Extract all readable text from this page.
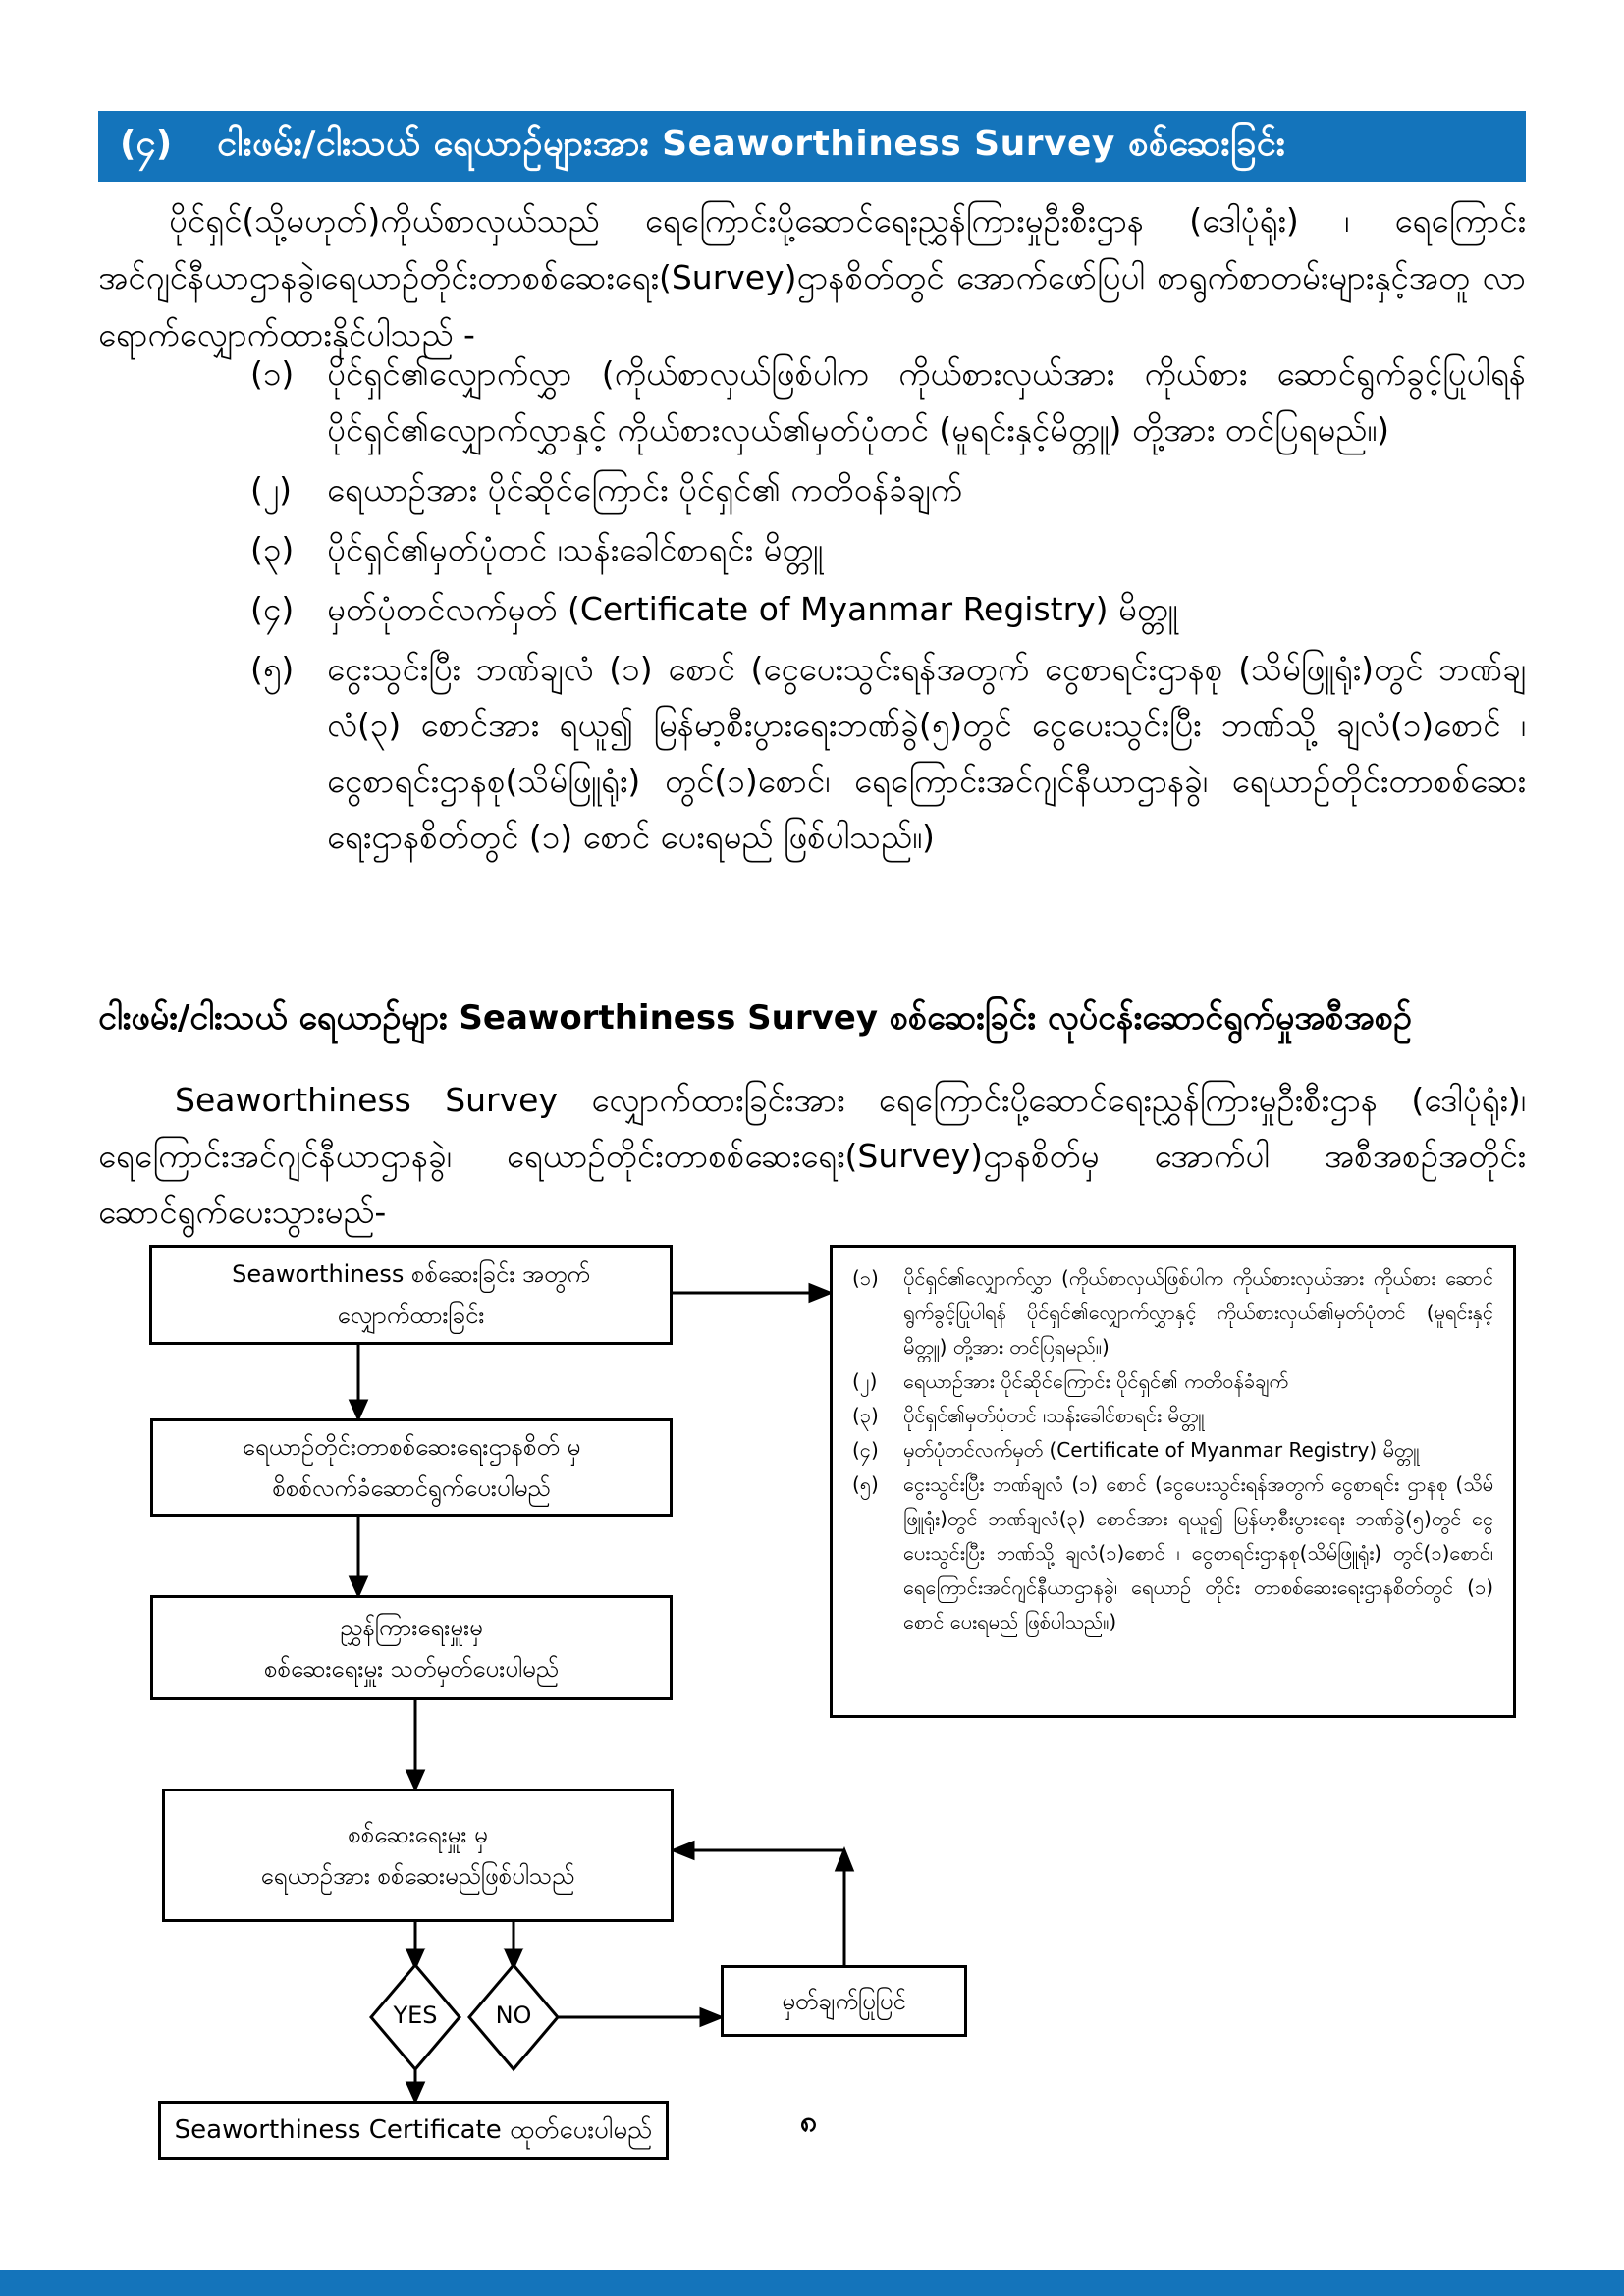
(၄) ငါးဖမ်း/ငါးသယ် ရေယာဉ်များအား Seaworthiness Survey စစ်ဆေးခြင်း
ပိုင်ရှင်(သို့မဟုတ်)ကိုယ်စာလှယ်သည် ရေကြောင်းပို့ဆောင်ရေးညွှန်ကြားမှုဦးစီးဌာန (ဒေါပုံရုံး) ၊ ရေကြောင်းအင်ဂျင်နီယာဌာနခွဲ၊ရေယာဉ်တိုင်းတာစစ်ဆေးရေး(Survey)ဌာနစိတ်တွင် အောက်ဖော်ပြပါ စာရွက်စာတမ်းများနှင့်အတူ လာရောက်လျှောက်ထားနိုင်ပါသည် -
(၁)	ပိုင်ရှင်၏လျှောက်လွှာ (ကိုယ်စာလှယ်ဖြစ်ပါက ကိုယ်စားလှယ်အား ကိုယ်စား ဆောင်ရွက်ခွင့်ပြုပါရန် ပိုင်ရှင်၏လျှောက်လွှာနှင့် ကိုယ်စားလှယ်၏မှတ်ပုံတင် (မူရင်းနှင့်မိတ္တူ) တို့အား တင်ပြရမည်။)
(၂)	ရေယာဉ်အား ပိုင်ဆိုင်ကြောင်း ပိုင်ရှင်၏ ကတိဝန်ခံချက်
(၃)	ပိုင်ရှင်၏မှတ်ပုံတင် ၊သန်းခေါင်စာရင်း မိတ္တူ
(၄)	မှတ်ပုံတင်လက်မှတ် (Certificate of Myanmar Registry) မိတ္တူ
(၅)	ငွေးသွင်းပြီး ဘဏ်ချလံ (၁) စောင် (ငွေပေးသွင်းရန်အတွက် ငွေစာရင်းဌာနစု (သိမ်ဖြူရုံး)တွင် ဘဏ်ချလံ(၃) စောင်အား ရယူ၍ မြန်မာ့စီးပွားရေးဘဏ်ခွဲ(၅)တွင် ငွေပေးသွင်းပြီး ဘဏ်သို့ ချလံ(၁)စောင် ၊ ငွေစာရင်းဌာနစု(သိမ်ဖြူရုံး) တွင်(၁)စောင်၊ ရေကြောင်းအင်ဂျင်နီယာဌာနခွဲ၊ ရေယာဉ်တိုင်းတာစစ်ဆေးရေးဌာနစိတ်တွင် (၁) စောင် ပေးရမည် ဖြစ်ပါသည်။)
ငါးဖမ်း/ငါးသယ် ရေယာဉ်များ Seaworthiness Survey စစ်ဆေးခြင်း လုပ်ငန်းဆောင်ရွက်မှုအစီအစဉ်
Seaworthiness Survey လျှောက်ထားခြင်းအား ရေကြောင်းပို့ဆောင်ရေးညွှန်ကြားမှုဦးစီးဌာန (ဒေါပုံရုံး)၊ ရေကြောင်းအင်ဂျင်နီယာဌာနခွဲ၊ ရေယာဉ်တိုင်းတာစစ်ဆေးရေး(Survey)ဌာနစိတ်မှ အောက်ပါ အစီအစဉ်အတိုင်း ဆောင်ရွက်ပေးသွားမည်-
Seaworthiness စစ်ဆေးခြင်း အတွက်
လျှောက်ထားခြင်း
(၁)	ပိုင်ရှင်၏လျှောက်လွှာ (ကိုယ်စာလှယ်ဖြစ်ပါက ကိုယ်စားလှယ်အား ကိုယ်စား ဆောင် ရွက်ခွင့်ပြုပါရန် ပိုင်ရှင်၏လျှောက်လွှာနှင့် ကိုယ်စားလှယ်၏မှတ်ပုံတင် (မူရင်းနှင့်မိတ္တူ) တို့အား တင်ပြရမည်။)
(၂)	ရေယာဉ်အား ပိုင်ဆိုင်ကြောင်း ပိုင်ရှင်၏ ကတိဝန်ခံချက်
(၃)	ပိုင်ရှင်၏မှတ်ပုံတင် ၊သန်းခေါင်စာရင်း မိတ္တူ
(၄)	မှတ်ပုံတင်လက်မှတ် (Certificate of Myanmar Registry) မိတ္တူ
(၅)	ငွေးသွင်းပြီး ဘဏ်ချလံ (၁) စောင် (ငွေပေးသွင်းရန်အတွက် ငွေစာရင်း ဌာနစု (သိမ်ဖြူရုံး)တွင် ဘဏ်ချလံ(၃) စောင်အား ရယူ၍ မြန်မာ့စီးပွားရေး ဘဏ်ခွဲ(၅)တွင် ငွေပေးသွင်းပြီး ဘဏ်သို့ ချလံ(၁)စောင် ၊ ငွေစာရင်းဌာနစု(သိမ်ဖြူရုံး) တွင်(၁)စောင်၊ ရေကြောင်းအင်ဂျင်နီယာဌာနခွဲ၊ ရေယာဉ် တိုင်း တာစစ်ဆေးရေးဌာနစိတ်တွင် (၁) စောင် ပေးရမည် ဖြစ်ပါသည်။)
ရေယာဉ်တိုင်းတာစစ်ဆေးရေးဌာနစိတ် မှ
စိစစ်လက်ခံဆောင်ရွက်ပေးပါမည်
ညွှန်ကြားရေးမှူးမှ
စစ်ဆေးရေးမှူး သတ်မှတ်ပေးပါမည်
စစ်ဆေးရေးမှူး မှ
ရေယာဉ်အား စစ်ဆေးမည်ဖြစ်ပါသည်
YES	NO
မှတ်ချက်ပြုပြင်
Seaworthiness Certificate ထုတ်ပေးပါမည်	၈
